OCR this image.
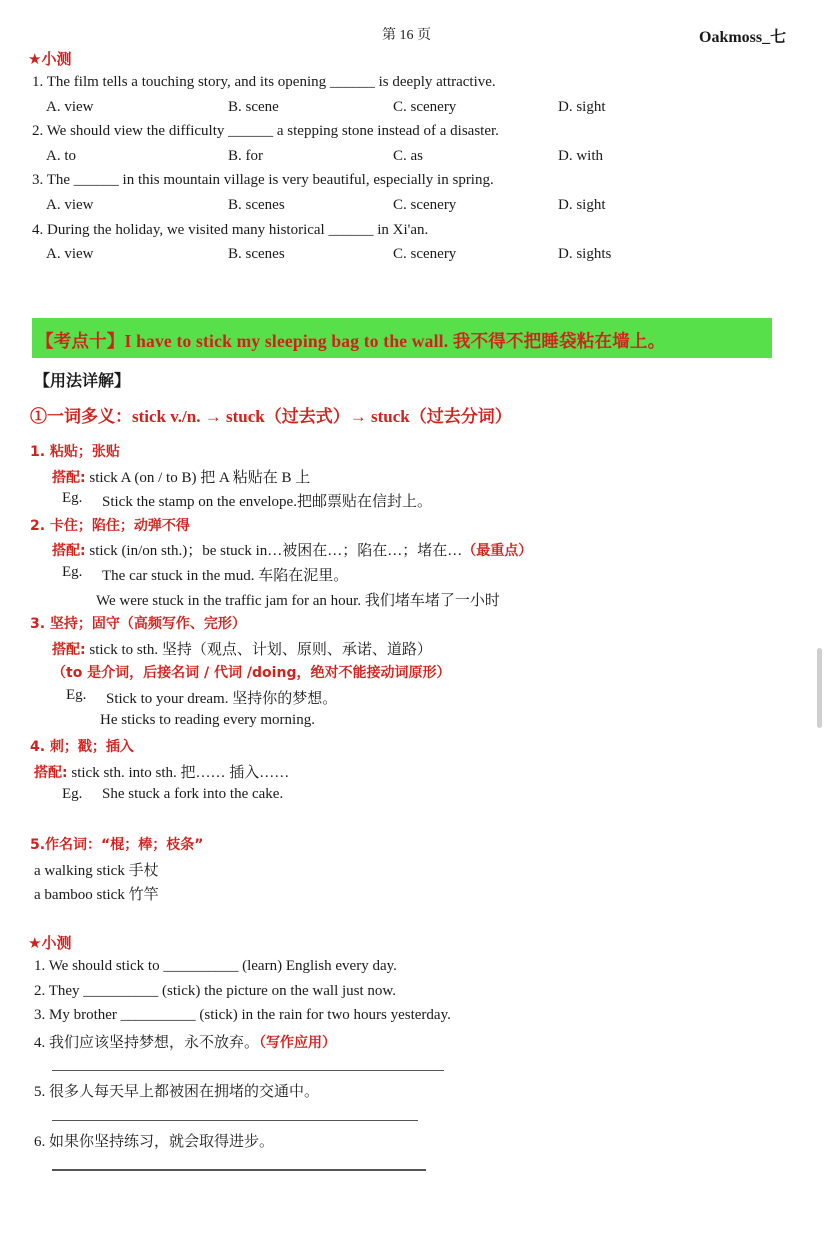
第 16 页	Oakmoss_七
★小测
1. The film tells a touching story, and its opening ______ is deeply attractive.
A. view	B. scene	C. scenery	D. sight
2. We should view the difficulty ______ a stepping stone instead of a disaster.
A. to	B. for	C. as	D. with
3. The ______ in this mountain village is very beautiful, especially in spring.
A. view	B. scenes	C. scenery	D. sight
4. During the holiday, we visited many historical ______ in Xi'an.
A. view	B. scenes	C. scenery	D. sights
【考点十】I have to stick my sleeping bag to the wall. 我不得不把睡袋粘在墙上。
【用法详解】
①一词多义：stick v./n. → stuck（过去式）→ stuck（过去分词）
1. 粘贴；张贴
搭配: stick A (on / to B) 把 A 粘贴在 B 上
Eg. Stick the stamp on the envelope.把邮票贴在信封上。
2. 卡住；陷住；动弹不得
搭配: stick (in/on sth.)；be stuck in…被困在…；陷在…；堵在…（最重点）
Eg. The car stuck in the mud. 车陷在泥里。
We were stuck in the traffic jam for an hour. 我们堵车堵了一小时
3. 坚持；固守（高频写作、完形）
搭配: stick to sth. 坚持（观点、计划、原则、承诺、道路）
（to 是介词，后接名词 / 代词 /doing，绝对不能接动词原形）
Eg. Stick to your dream. 坚持你的梦想。
He sticks to reading every morning.
4. 刺；戳；插入
搭配: stick sth. into sth. 把…… 插入……
Eg. She stuck a fork into the cake.
5.作名词：“棍；棒；枝条”
a walking stick 手杖
a bamboo stick 竹竿
★小测
1. We should stick to __________ (learn) English every day.
2. They __________ (stick) the picture on the wall just now.
3. My brother __________ (stick) in the rain for two hours yesterday.
4. 我们应该坚持梦想，永不放弃。（写作应用）
5. 很多人每天早上都被困在拥堵的交通中。
6. 如果你坚持练习，就会取得进步。
